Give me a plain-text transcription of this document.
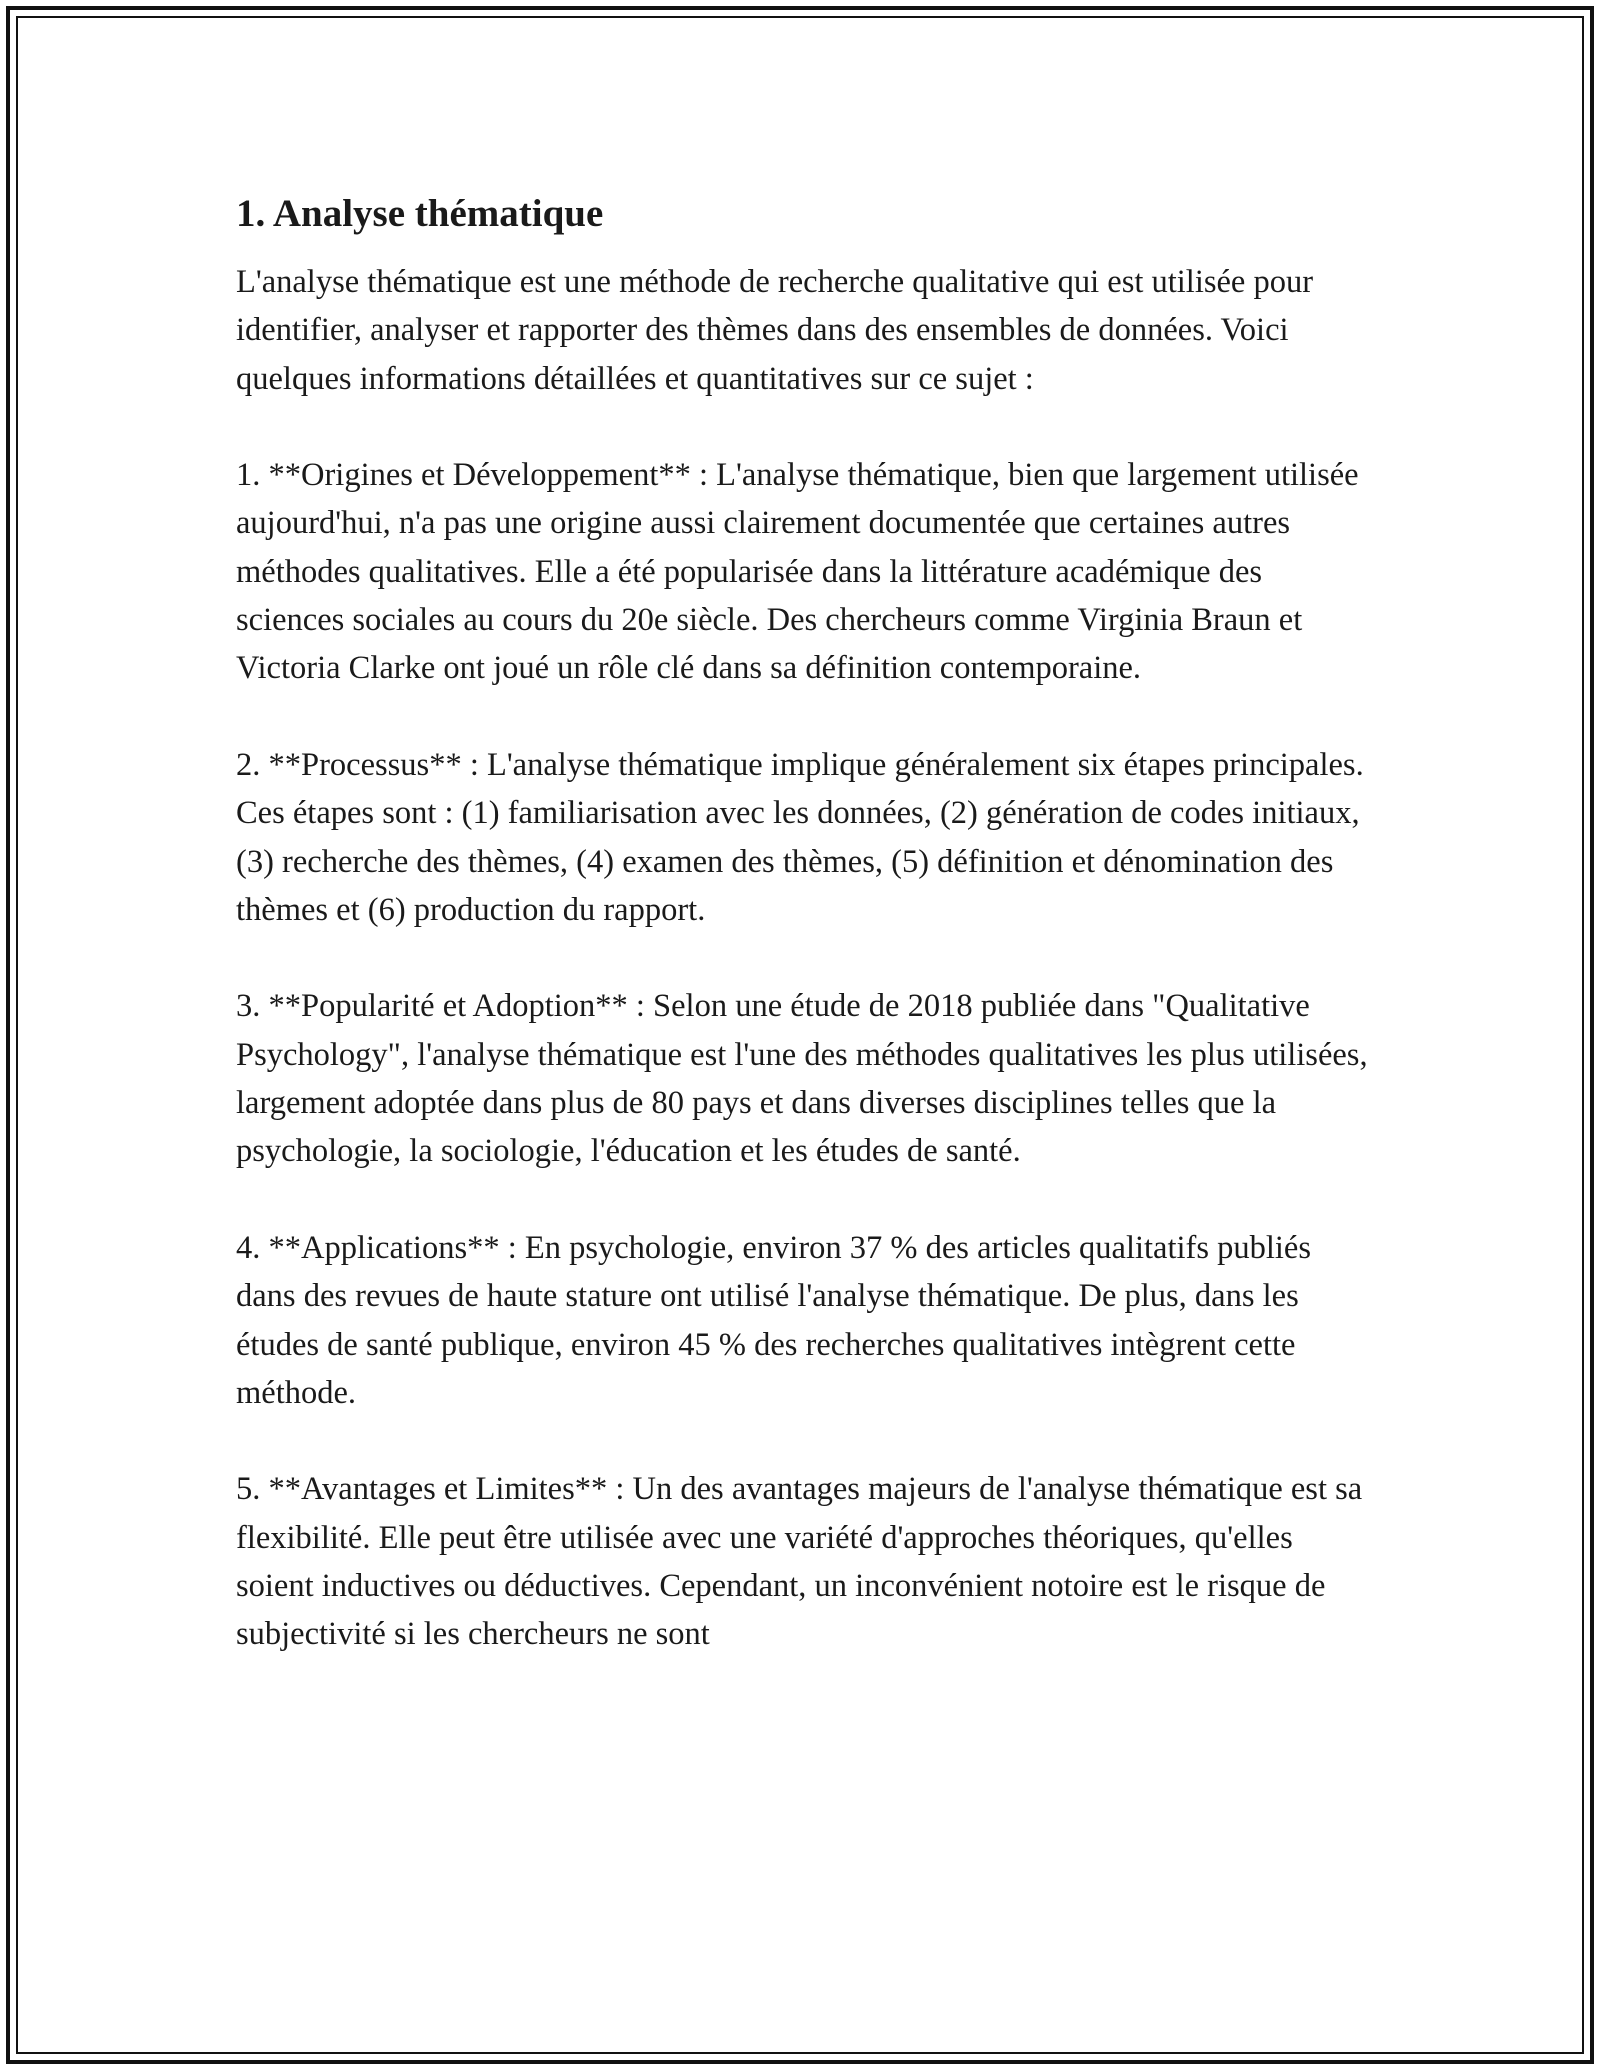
1. Analyse thématique

L'analyse thématique est une méthode de recherche qualitative qui est utilisée pour identifier, analyser et rapporter des thèmes dans des ensembles de données. Voici quelques informations détaillées et quantitatives sur ce sujet :

1. **Origines et Développement** : L'analyse thématique, bien que largement utilisée aujourd'hui, n'a pas une origine aussi clairement documentée que certaines autres méthodes qualitatives. Elle a été popularisée dans la littérature académique des sciences sociales au cours du 20e siècle. Des chercheurs comme Virginia Braun et Victoria Clarke ont joué un rôle clé dans sa définition contemporaine.

2. **Processus** : L'analyse thématique implique généralement six étapes principales. Ces étapes sont : (1) familiarisation avec les données, (2) génération de codes initiaux, (3) recherche des thèmes, (4) examen des thèmes, (5) définition et dénomination des thèmes et (6) production du rapport.

3. **Popularité et Adoption** : Selon une étude de 2018 publiée dans "Qualitative Psychology", l'analyse thématique est l'une des méthodes qualitatives les plus utilisées, largement adoptée dans plus de 80 pays et dans diverses disciplines telles que la psychologie, la sociologie, l'éducation et les études de santé.

4. **Applications** : En psychologie, environ 37 % des articles qualitatifs publiés dans des revues de haute stature ont utilisé l'analyse thématique. De plus, dans les études de santé publique, environ 45 % des recherches qualitatives intègrent cette méthode.

5. **Avantages et Limites** : Un des avantages majeurs de l'analyse thématique est sa flexibilité. Elle peut être utilisée avec une variété d'approches théoriques, qu'elles soient inductives ou déductives. Cependant, un inconvénient notoire est le risque de subjectivité si les chercheurs ne sont
